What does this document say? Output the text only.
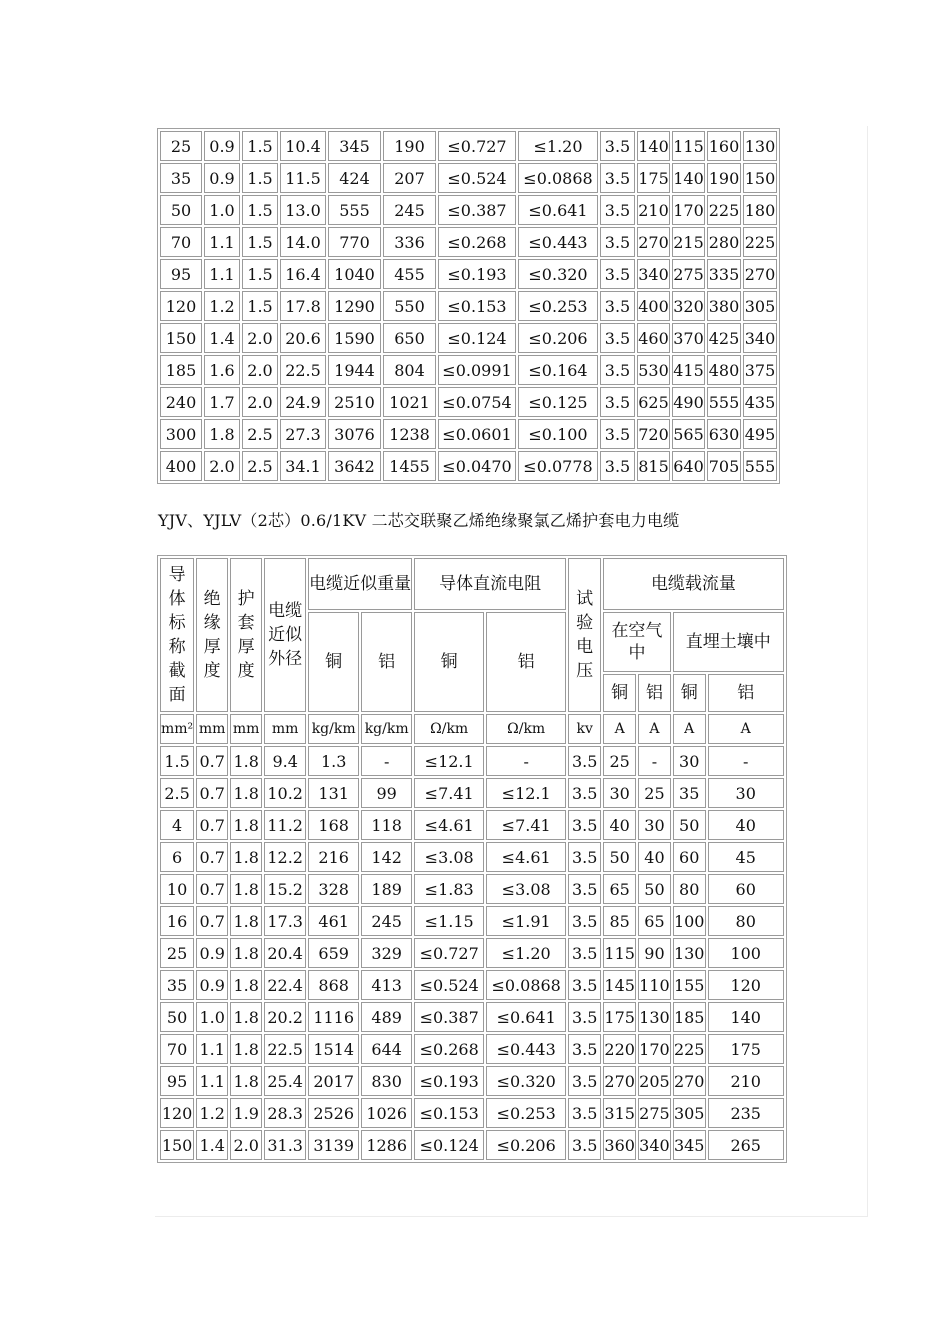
25	0.9	1.5	10.4	345	190	≤0.727	≤1.20	3.5	140	115	160	130
35	0.9	1.5	11.5	424	207	≤0.524	≤0.0868	3.5	175	140	190	150
50	1.0	1.5	13.0	555	245	≤0.387	≤0.641	3.5	210	170	225	180
70	1.1	1.5	14.0	770	336	≤0.268	≤0.443	3.5	270	215	280	225
95	1.1	1.5	16.4	1040	455	≤0.193	≤0.320	3.5	340	275	335	270
120	1.2	1.5	17.8	1290	550	≤0.153	≤0.253	3.5	400	320	380	305
150	1.4	2.0	20.6	1590	650	≤0.124	≤0.206	3.5	460	370	425	340
185	1.6	2.0	22.5	1944	804	≤0.0991	≤0.164	3.5	530	415	480	375
240	1.7	2.0	24.9	2510	1021	≤0.0754	≤0.125	3.5	625	490	555	435
300	1.8	2.5	27.3	3076	1238	≤0.0601	≤0.100	3.5	720	565	630	495
400	2.0	2.5	34.1	3642	1455	≤0.0470	≤0.0778	3.5	815	640	705	555
YJV、YJLV（2芯）0.6/1KV 二芯交联聚乙烯绝缘聚氯乙烯护套电力电缆
导体标称截面	绝缘厚度	护套厚度	电缆近似外径	电缆近似重量		导体直流电阻		试验电压	电缆载流量			
				铜	铝	铜	铝		在空气中		直埋土壤中	
									铜	铝	铜	铝
mm²	mm	mm	mm	kg/km	kg/km	Ω/km	Ω/km	kv	A	A	A	A
1.5	0.7	1.8	9.4	1.3	-	≤12.1	-	3.5	25	-	30	-
2.5	0.7	1.8	10.2	131	99	≤7.41	≤12.1	3.5	30	25	35	30
4	0.7	1.8	11.2	168	118	≤4.61	≤7.41	3.5	40	30	50	40
6	0.7	1.8	12.2	216	142	≤3.08	≤4.61	3.5	50	40	60	45
10	0.7	1.8	15.2	328	189	≤1.83	≤3.08	3.5	65	50	80	60
16	0.7	1.8	17.3	461	245	≤1.15	≤1.91	3.5	85	65	100	80
25	0.9	1.8	20.4	659	329	≤0.727	≤1.20	3.5	115	90	130	100
35	0.9	1.8	22.4	868	413	≤0.524	≤0.0868	3.5	145	110	155	120
50	1.0	1.8	20.2	1116	489	≤0.387	≤0.641	3.5	175	130	185	140
70	1.1	1.8	22.5	1514	644	≤0.268	≤0.443	3.5	220	170	225	175
95	1.1	1.8	25.4	2017	830	≤0.193	≤0.320	3.5	270	205	270	210
120	1.2	1.9	28.3	2526	1026	≤0.153	≤0.253	3.5	315	275	305	235
150	1.4	2.0	31.3	3139	1286	≤0.124	≤0.206	3.5	360	340	345	265
